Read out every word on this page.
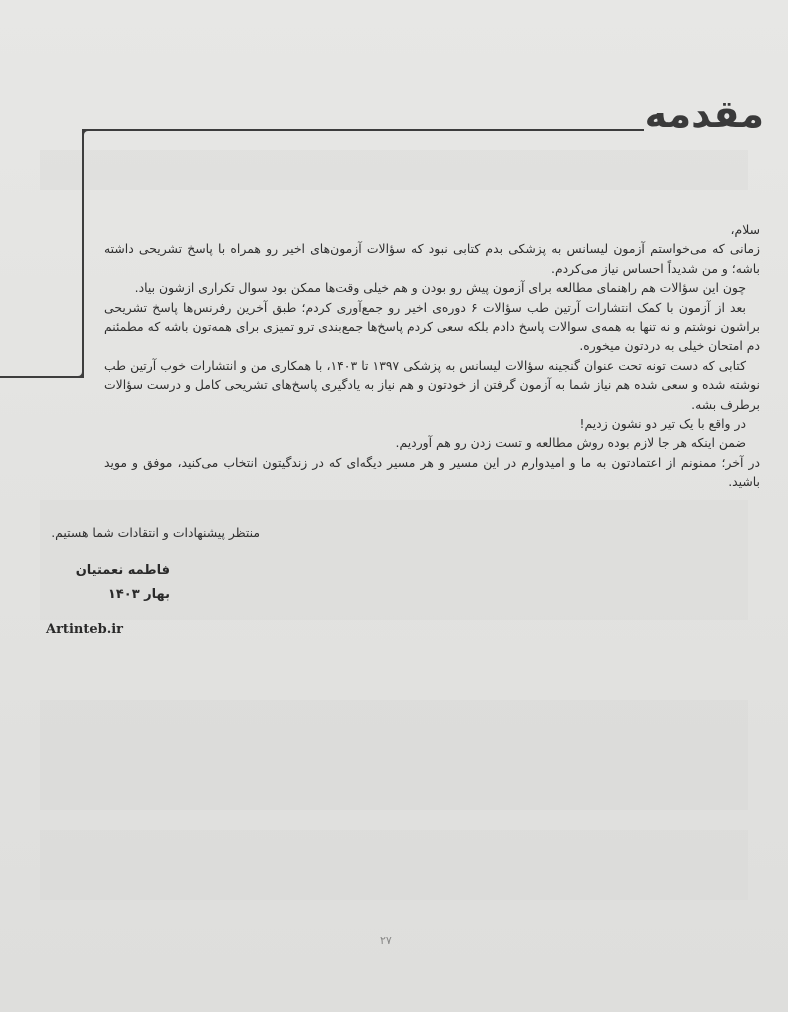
مقدمه

سلام،

زمانی که می‌خواستم آزمون لیسانس به پزشکی بدم کتابی نبود که سؤالات آزمون‌های اخیر رو همراه با پاسخ تشریحی داشته باشه؛ و من شدیداً احساس نیاز می‌کردم.

چون این سؤالات هم راهنمای مطالعه برای آزمون پیش رو بودن و هم خیلی وقت‌ها ممکن بود سوال تکراری ازشون بیاد.

بعد از آزمون با کمک انتشارات آرتین طب سؤالات ۶ دوره‌ی اخیر رو جمع‌آوری کردم؛ طبق آخرین رفرنس‌ها پاسخ تشریحی براشون نوشتم و نه تنها به همه‌ی سوالات پاسخ دادم بلکه سعی کردم پاسخ‌ها جمع‌بندی ترو تمیزی برای همه‌تون باشه که مطمئنم دم امتحان خیلی به دردتون میخوره.

کتابی که دست تونه تحت عنوان گنجینه سؤالات لیسانس به پزشکی ۱۳۹۷ تا ۱۴۰۳، با همکاری من و انتشارات خوب آرتین طب نوشته شده و سعی شده هم نیاز شما به آزمون گرفتن از خودتون و هم نیاز به یادگیری پاسخ‌های تشریحی کامل و درست سؤالات برطرف بشه.

در واقع با یک تیر دو نشون زدیم!

ضمن اینکه هر جا لازم بوده روش مطالعه و تست زدن رو هم آوردیم.

در آخر؛ ممنونم از اعتمادتون به ما و امیدوارم در این مسیر و هر مسیر دیگه‌ای که در زندگیتون انتخاب می‌کنید، موفق و موید باشید.

منتظر پیشنهادات و انتقادات شما هستیم.
فاطمه نعمتیان
بهار ۱۴۰۳
Artinteb.ir
۲۷
